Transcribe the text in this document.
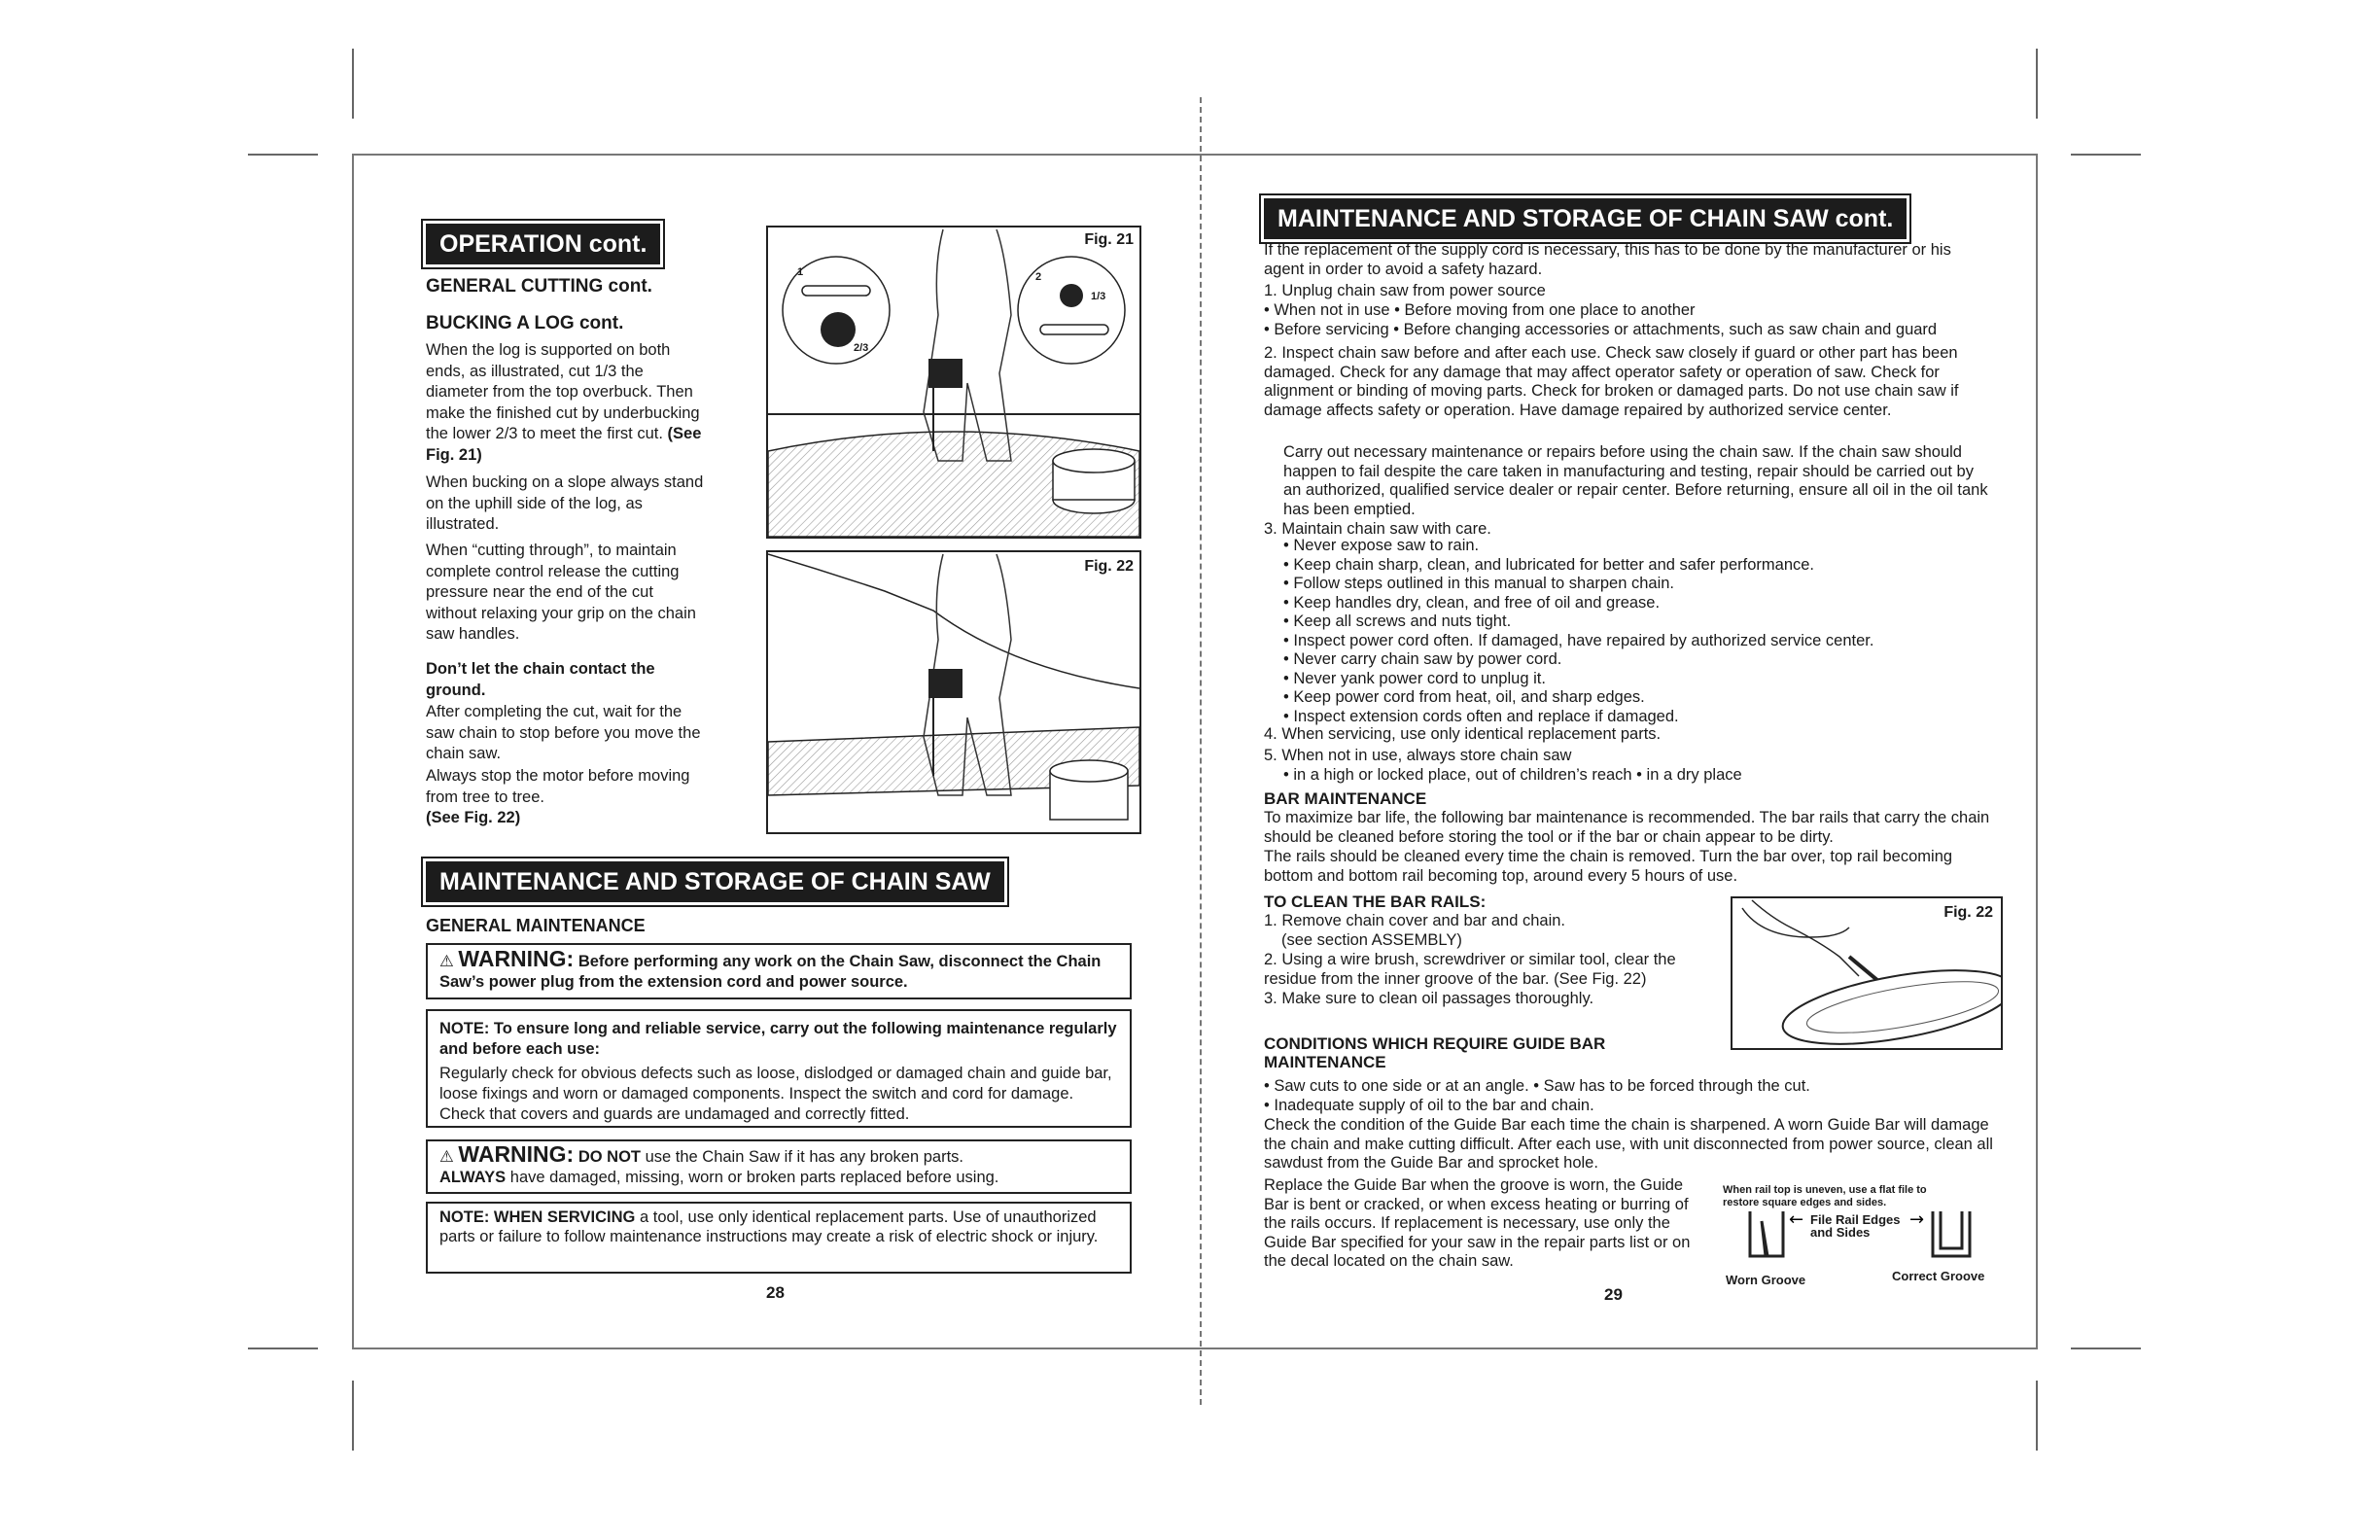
OPERATION cont.
GENERAL CUTTING cont.
BUCKING A LOG cont.
When the log is supported on both ends, as illustrated, cut 1/3 the diameter from the top overbuck. Then make the finished cut by underbucking the lower 2/3 to meet the first cut. (See Fig. 21)
When bucking on a slope always stand on the uphill side of the log, as illustrated.
When “cutting through”, to maintain complete control release the cutting pressure near the end of the cut without relaxing your grip on the chain saw handles.
Don’t let the chain contact the ground.
After completing the cut, wait for the saw chain to stop before you move the chain saw.
Always stop the motor before moving from tree to tree.
(See Fig. 22)
Fig. 21
1	2
1/3
2/3
Fig. 22
MAINTENANCE AND STORAGE OF CHAIN SAW
GENERAL MAINTENANCE
⚠ WARNING: Before performing any work on the Chain Saw, disconnect the Chain Saw’s power plug from the extension cord and power source.
NOTE: To ensure long and reliable service, carry out the following maintenance regularly and before each use:

Regularly check for obvious defects such as loose, dislodged or damaged chain and guide bar, loose fixings and worn or damaged components. Inspect the switch and cord for damage. Check that covers and guards are undamaged and correctly fitted.
⚠ WARNING: DO NOT use the Chain Saw if it has any broken parts.
ALWAYS have damaged, missing, worn or broken parts replaced before using.
NOTE: WHEN SERVICING a tool, use only identical replacement parts. Use of unauthorized parts or failure to follow maintenance instructions may create a risk of electric shock or injury.
28
MAINTENANCE AND STORAGE OF CHAIN SAW cont.
If the replacement of the supply cord is necessary, this has to be done by the manufacturer or his agent in order to avoid a safety hazard.
1. Unplug chain saw from power source
• When not in use • Before moving from one place to another
• Before servicing • Before changing accessories or attachments, such as saw chain and guard
2. Inspect chain saw before and after each use. Check saw closely if guard or other part has been damaged. Check for any damage that may affect operator safety or operation of saw. Check for alignment or binding of moving parts. Check for broken or damaged parts. Do not use chain saw if damage affects safety or operation. Have damage repaired by authorized service center.
Carry out necessary maintenance or repairs before using the chain saw. If the chain saw should happen to fail despite the care taken in manufacturing and testing, repair should be carried out by an authorized, qualified service dealer or repair center. Before returning, ensure all oil in the oil tank has been emptied.
3. Maintain chain saw with care.
• Never expose saw to rain.
• Keep chain sharp, clean, and lubricated for better and safer performance.
• Follow steps outlined in this manual to sharpen chain.
• Keep handles dry, clean, and free of oil and grease.
• Keep all screws and nuts tight.
• Inspect power cord often. If damaged, have repaired by authorized service center.
• Never carry chain saw by power cord.
• Never yank power cord to unplug it.
• Keep power cord from heat, oil, and sharp edges.
• Inspect extension cords often and replace if damaged.
4. When servicing, use only identical replacement parts.
5. When not in use, always store chain saw
• in a high or locked place, out of children’s reach • in a dry place
BAR MAINTENANCE
To maximize bar life, the following bar maintenance is recommended. The bar rails that carry the chain should be cleaned before storing the tool or if the bar or chain appear to be dirty.
The rails should be cleaned every time the chain is removed. Turn the bar over, top rail becoming bottom and bottom rail becoming top, around every 5 hours of use.
TO CLEAN THE BAR RAILS:
1. Remove chain cover and bar and chain.
(see section ASSEMBLY)
2. Using a wire brush, screwdriver or similar tool, clear the residue from the inner groove of the bar. (See Fig. 22)
3. Make sure to clean oil passages thoroughly.
Fig. 22
CONDITIONS WHICH REQUIRE GUIDE BAR MAINTENANCE
• Saw cuts to one side or at an angle. • Saw has to be forced through the cut.
• Inadequate supply of oil to the bar and chain.
Check the condition of the Guide Bar each time the chain is sharpened. A worn Guide Bar will damage the chain and make cutting difficult. After each use, with unit disconnected from power source, clean all sawdust from the Guide Bar and sprocket hole.
Replace the Guide Bar when the groove is worn, the Guide Bar is bent or cracked, or when excess heating or burring of the rails occurs. If replacement is necessary, use only the Guide Bar specified for your saw in the repair parts list or on the decal located on the chain saw.
When rail top is uneven, use a flat file to restore square edges and sides.
←	→
File Rail Edges and Sides
Worn Groove	Correct Groove
29
